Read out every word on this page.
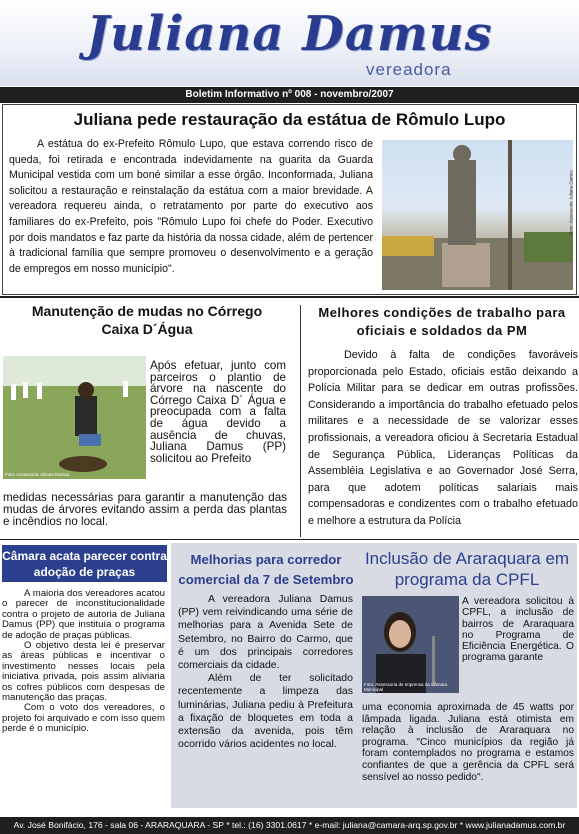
Juliana Damus
vereadora
Boletim Informativo nº 008 - novembro/2007
Juliana pede restauração da estátua de Rômulo Lupo
A estátua do ex-Prefeito Rômulo Lupo, que estava correndo risco de queda, foi retirada e encontrada indevidamente na guarita da Guarda Municipal vestida com um boné similar a esse órgão. Inconformada, Juliana solicitou a restauração e reinstalação da estátua com a maior brevidade. A vereadora requereu ainda, o retratamento por parte do executivo aos familiares do ex-Prefeito, pois "Rômulo Lupo foi chefe do Poder. Executivo por dois mandatos e faz parte da história da nossa cidade, além de pertencer à tradicional família que sempre promoveu o desenvolvimento e a geração de empregos em nosso município".
Foto: Assessoria Juliana Damus
Manutenção de mudas no Córrego Caixa D´Água
Foto: Assessoria Juliana Damus
Após efetuar, junto com parceiros o plantio de árvore na nascente do Córrego Caixa D´ Água e preocupada com a falta de água devido a ausência de chuvas, Juliana Damus (PP) solicitou ao Prefeito
medidas necessárias para garantir a manutenção das mudas de árvores evitando assim a perda das plantas e incêndios no local.
Melhores condições de trabalho para oficiais e soldados da PM
Devido à falta de condições favoráveis proporcionada pelo Estado, oficiais estão deixando a Polícia Militar para se dedicar em outras profissões. Considerando a importância do trabalho efetuado pelos militares e a necessidade de se valorizar esses profissionais, a vereadora oficiou à Secretaria Estadual de Segurança Pública, Lideranças Políticas da Assembléia Legislativa e ao Governador José Serra, para que adotem políticas salariais mais compensadoras e condizentes com o trabalho efetuado e melhore a estrutura da Polícia
Câmara acata parecer contra adoção de praças

A maioria dos vereadores acatou o parecer de inconstitucionalidade contra o projeto de autoria de Juliana Damus (PP) que instituía o programa de adoção de praças públicas.

O objetivo desta lei é preservar as áreas públicas e incentivar o investimento nesses locais pela iniciativa privada, pois assim aliviaria os cofres públicos com despesas de manutenção das praças.

Com o voto dos vereadores, o projeto foi arquivado e com isso quem perde é o município.

Melhorias para corredor comercial da 7 de Setembro

A vereadora Juliana Damus (PP) vem reivindicando uma série de melhorias para a Avenida Sete de Setembro, no Bairro do Carmo, que é um dos principais corredores comerciais da cidade.

Além de ter solicitado recentemente a limpeza das luminárias, Juliana pediu à Prefeitura a fixação de bloquetes em toda a extensão da avenida, pois têm ocorrido vários acidentes no local.

Inclusão de Araraquara em programa da CPFL
Foto: Assessoria de Imprensa da Câmara Municipal
A vereadora solicitou à CPFL, a inclusão de bairros de Araraquara no Programa de Eficiência Energética. O programa garante
uma economia aproximada de 45 watts por lâmpada ligada. Juliana está otimista em relação à inclusão de Araraquara no programa. "Cinco municípios da região já foram contemplados no programa e estamos confiantes de que a gerência da CPFL será sensível ao nosso pedido".
Av. José Bonifácio, 176 - sala 06 - ARARAQUARA - SP * tel.: (16) 3301.0617 * e-mail: juliana@camara-arq.sp.gov.br * www.julianadamus.com.br
